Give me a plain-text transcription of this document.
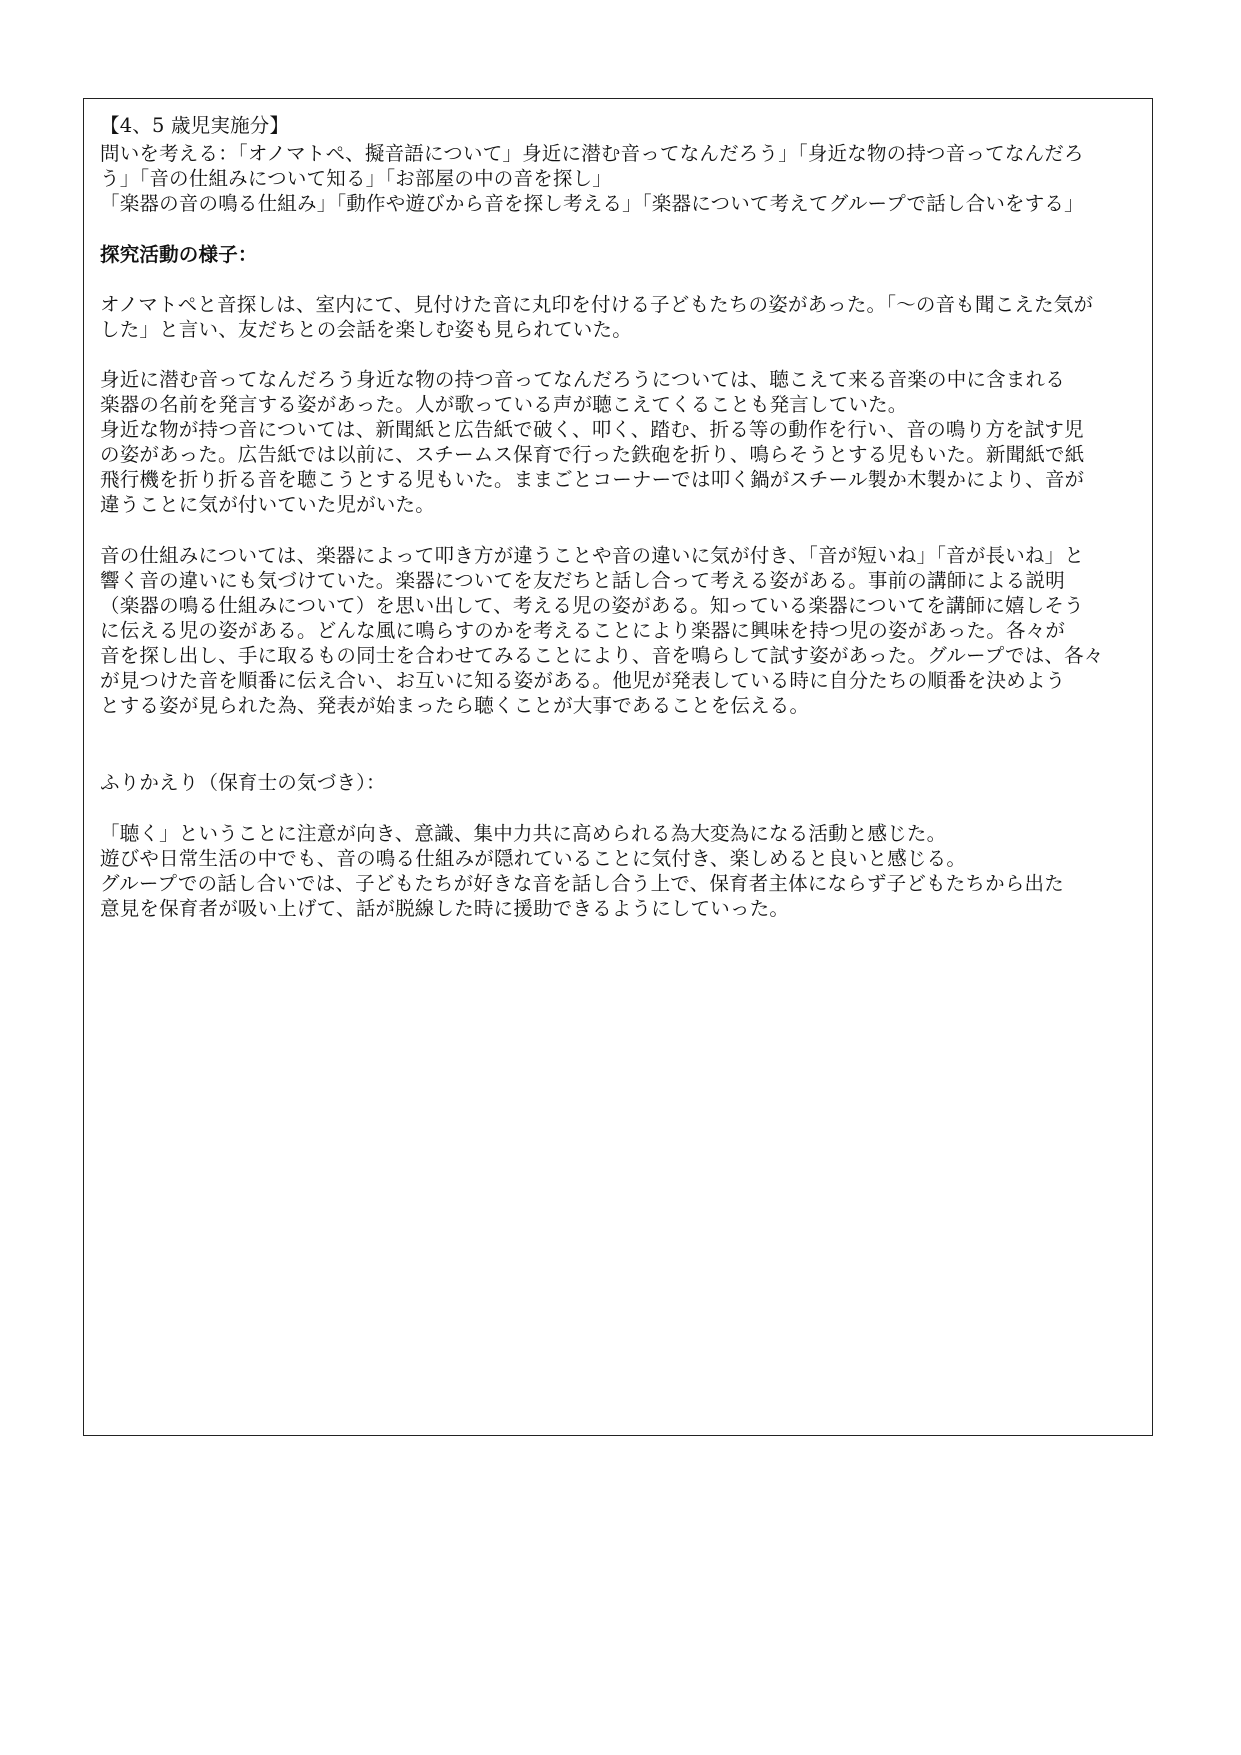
【4、5 歳児実施分】
問いを考える：「オノマトペ、擬音語について」身近に潜む音ってなんだろう」「身近な物の持つ音ってなんだろ
う」「音の仕組みについて知る」「お部屋の中の音を探し」
「楽器の音の鳴る仕組み」「動作や遊びから音を探し考える」「楽器について考えてグループで話し合いをする」
探究活動の様子：
オノマトペと音探しは、室内にて、見付けた音に丸印を付ける子どもたちの姿があった。「～の音も聞こえた気が
した」と言い、友だちとの会話を楽しむ姿も見られていた。
身近に潜む音ってなんだろう身近な物の持つ音ってなんだろうについては、聴こえて来る音楽の中に含まれる
楽器の名前を発言する姿があった。人が歌っている声が聴こえてくることも発言していた。
身近な物が持つ音については、新聞紙と広告紙で破く、叩く、踏む、折る等の動作を行い、音の鳴り方を試す児
の姿があった。広告紙では以前に、スチームス保育で行った鉄砲を折り、鳴らそうとする児もいた。新聞紙で紙
飛行機を折り折る音を聴こうとする児もいた。ままごとコーナーでは叩く鍋がスチール製か木製かにより、音が
違うことに気が付いていた児がいた。
音の仕組みについては、楽器によって叩き方が違うことや音の違いに気が付き、「音が短いね」「音が長いね」と
響く音の違いにも気づけていた。楽器についてを友だちと話し合って考える姿がある。事前の講師による説明
（楽器の鳴る仕組みについて）を思い出して、考える児の姿がある。知っている楽器についてを講師に嬉しそう
に伝える児の姿がある。どんな風に鳴らすのかを考えることにより楽器に興味を持つ児の姿があった。各々が
音を探し出し、手に取るもの同士を合わせてみることにより、音を鳴らして試す姿があった。グループでは、各々
が見つけた音を順番に伝え合い、お互いに知る姿がある。他児が発表している時に自分たちの順番を決めよう
とする姿が見られた為、発表が始まったら聴くことが大事であることを伝える。
ふりかえり（保育士の気づき）：
「聴く」ということに注意が向き、意識、集中力共に高められる為大変為になる活動と感じた。
遊びや日常生活の中でも、音の鳴る仕組みが隠れていることに気付き、楽しめると良いと感じる。
グループでの話し合いでは、子どもたちが好きな音を話し合う上で、保育者主体にならず子どもたちから出た
意見を保育者が吸い上げて、話が脱線した時に援助できるようにしていった。
